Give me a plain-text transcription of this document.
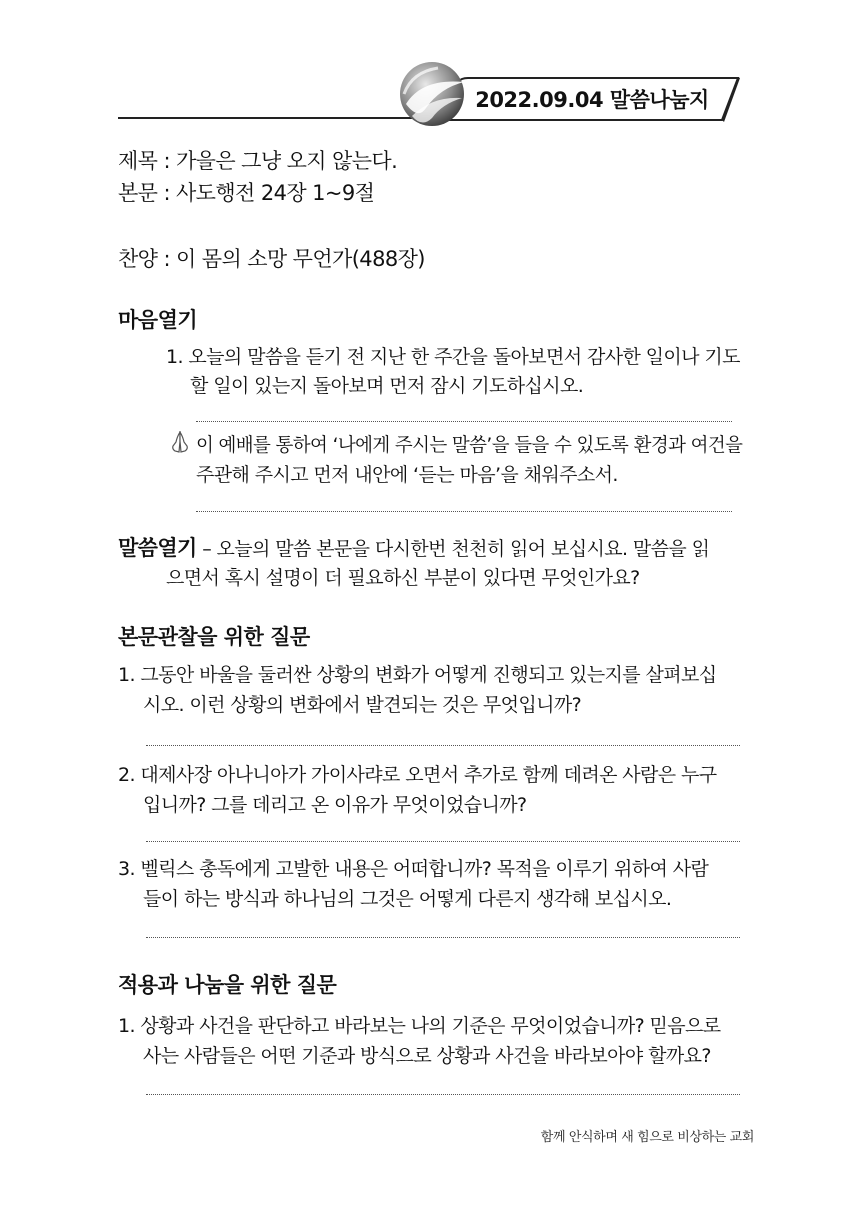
2022.09.04 말씀나눔지
제목 : 가을은 그냥 오지 않는다.
본문 : 사도행전 24장 1~9절
찬양 : 이 몸의 소망 무언가(488장)
마음열기
1. 오늘의 말씀을 듣기 전 지난 한 주간을 돌아보면서 감사한 일이나 기도
할 일이 있는지 돌아보며 먼저 잠시 기도하십시오.
이 예배를 통하여 ‘나에게 주시는 말씀’을 들을 수 있도록 환경과 여건을
주관해 주시고 먼저 내안에 ‘듣는 마음’을 채워주소서.
말씀열기 – 오늘의 말씀 본문을 다시한번 천천히 읽어 보십시요. 말씀을 읽
으면서 혹시 설명이 더 필요하신 부분이 있다면 무엇인가요?
본문관찰을 위한 질문
1. 그동안 바울을 둘러싼 상황의 변화가 어떻게 진행되고 있는지를 살펴보십
시오. 이런 상황의 변화에서 발견되는 것은 무엇입니까?
2. 대제사장 아나니아가 가이사랴로 오면서 추가로 함께 데려온 사람은 누구
입니까? 그를 데리고 온 이유가 무엇이었습니까?
3. 벨릭스 총독에게 고발한 내용은 어떠합니까? 목적을 이루기 위하여 사람
들이 하는 방식과 하나님의 그것은 어떻게 다른지 생각해 보십시오.
적용과 나눔을 위한 질문
1. 상황과 사건을 판단하고 바라보는 나의 기준은 무엇이었습니까? 믿음으로
사는 사람들은 어떤 기준과 방식으로 상황과 사건을 바라보아야 할까요?
함께 안식하며 새 힘으로 비상하는 교회
